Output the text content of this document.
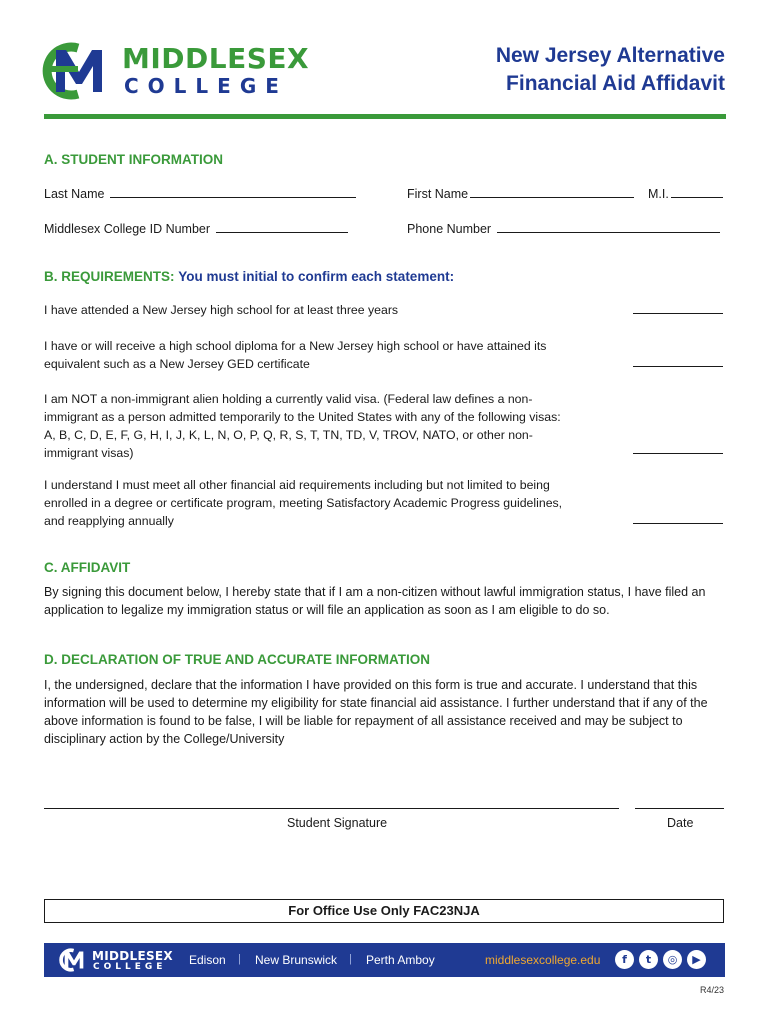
MIDDLESEX
COLLEGE
New Jersey Alternative
Financial Aid Affidavit
A. STUDENT INFORMATION
Last Name	First Name	M.I.
Middlesex College ID Number	Phone Number
B. REQUIREMENTS: You must initial to confirm each statement:
I have attended a New Jersey high school for at least three years
I have or will receive a high school diploma for a New Jersey high school or have attained its equivalent such as a New Jersey GED certificate
I am NOT a non-immigrant alien holding a currently valid visa. (Federal law defines a non-immigrant as a person admitted temporarily to the United States with any of the following visas: A, B, C, D, E, F, G, H, I, J, K, L, N, O, P, Q, R, S, T, TN, TD, V, TROV, NATO, or other non-immigrant visas)
I understand I must meet all other financial aid requirements including but not limited to being enrolled in a degree or certificate program, meeting Satisfactory Academic Progress guidelines, and reapplying annually
C. AFFIDAVIT
By signing this document below, I hereby state that if I am a non-citizen without lawful immigration status, I have filed an application to legalize my immigration status or will file an application as soon as I am eligible to do so.
D. DECLARATION OF TRUE AND ACCURATE INFORMATION
I, the undersigned, declare that the information I have provided on this form is true and accurate. I understand that this information will be used to determine my eligibility for state financial aid assistance. I further understand that if any of the above information is found to be false, I will be liable for repayment of all assistance received and may be subject to disciplinary action by the College/University
Student Signature	Date
For Office Use Only FAC23NJA
MIDDLESEX
COLLEGE Edison | New Brunswick | Perth Amboy	middlesexcollege.edu	f	t	◎	▶
R4/23
